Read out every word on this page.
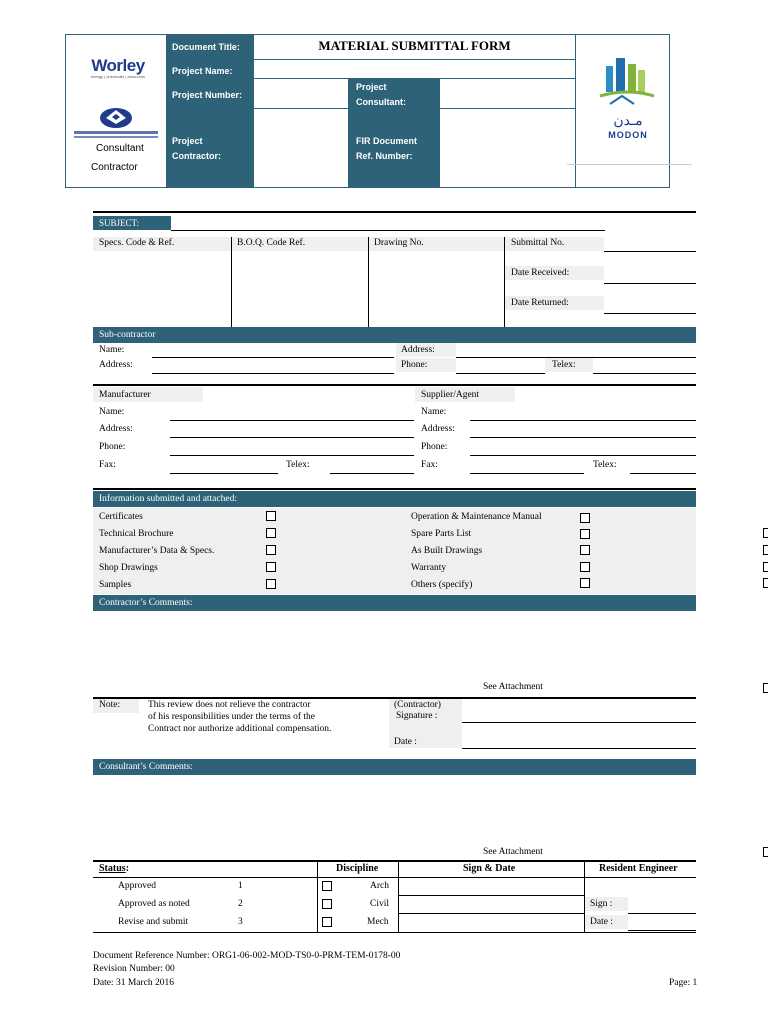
Worley
energy | chemicals | resources
Consultant
Contractor
Document Title:
Project Name:
Project Number:
Project
Contractor:
MATERIAL SUBMITTAL FORM
Project
Consultant:
FIR Document
Ref. Number:
مـدن
MODON
SUBJECT:
Specs. Code & Ref.	B.O.Q. Code Ref.	Drawing No.	Submittal No.
Date Received:
Date Returned:
Sub-contractor
Name:	Address:
Address:	Phone:	Telex:
Manufacturer
Name:
Address:
Phone:
Fax:	Telex:
Supplier/Agent
Name:
Address:
Phone:
Fax:	Telex:
Information submitted and attached:
Certificates
Technical Brochure
Manufacturer’s Data & Specs.
Shop Drawings
Samples
Operation & Maintenance Manual
Spare Parts List
As Built Drawings
Warranty
Others (specify)
Contractor’s Comments:
See Attachment
Note:	This review does not relieve the contractor
of his responsibilities under the terms of the
Contract nor authorize additional compensation.
(Contractor)
Signature :
Date :
Consultant’s Comments:
See Attachment
Status:	Discipline	Sign & Date	Resident Engineer
Approved	1	Arch
Approved as noted	2	Civil
Revise and submit	3	Mech
Sign :
Date :
Document Reference Number: ORG1-06-002-MOD-TS0-0-PRM-TEM-0178-00
Revision Number: 00
Date: 31 March 2016	Page: 1
